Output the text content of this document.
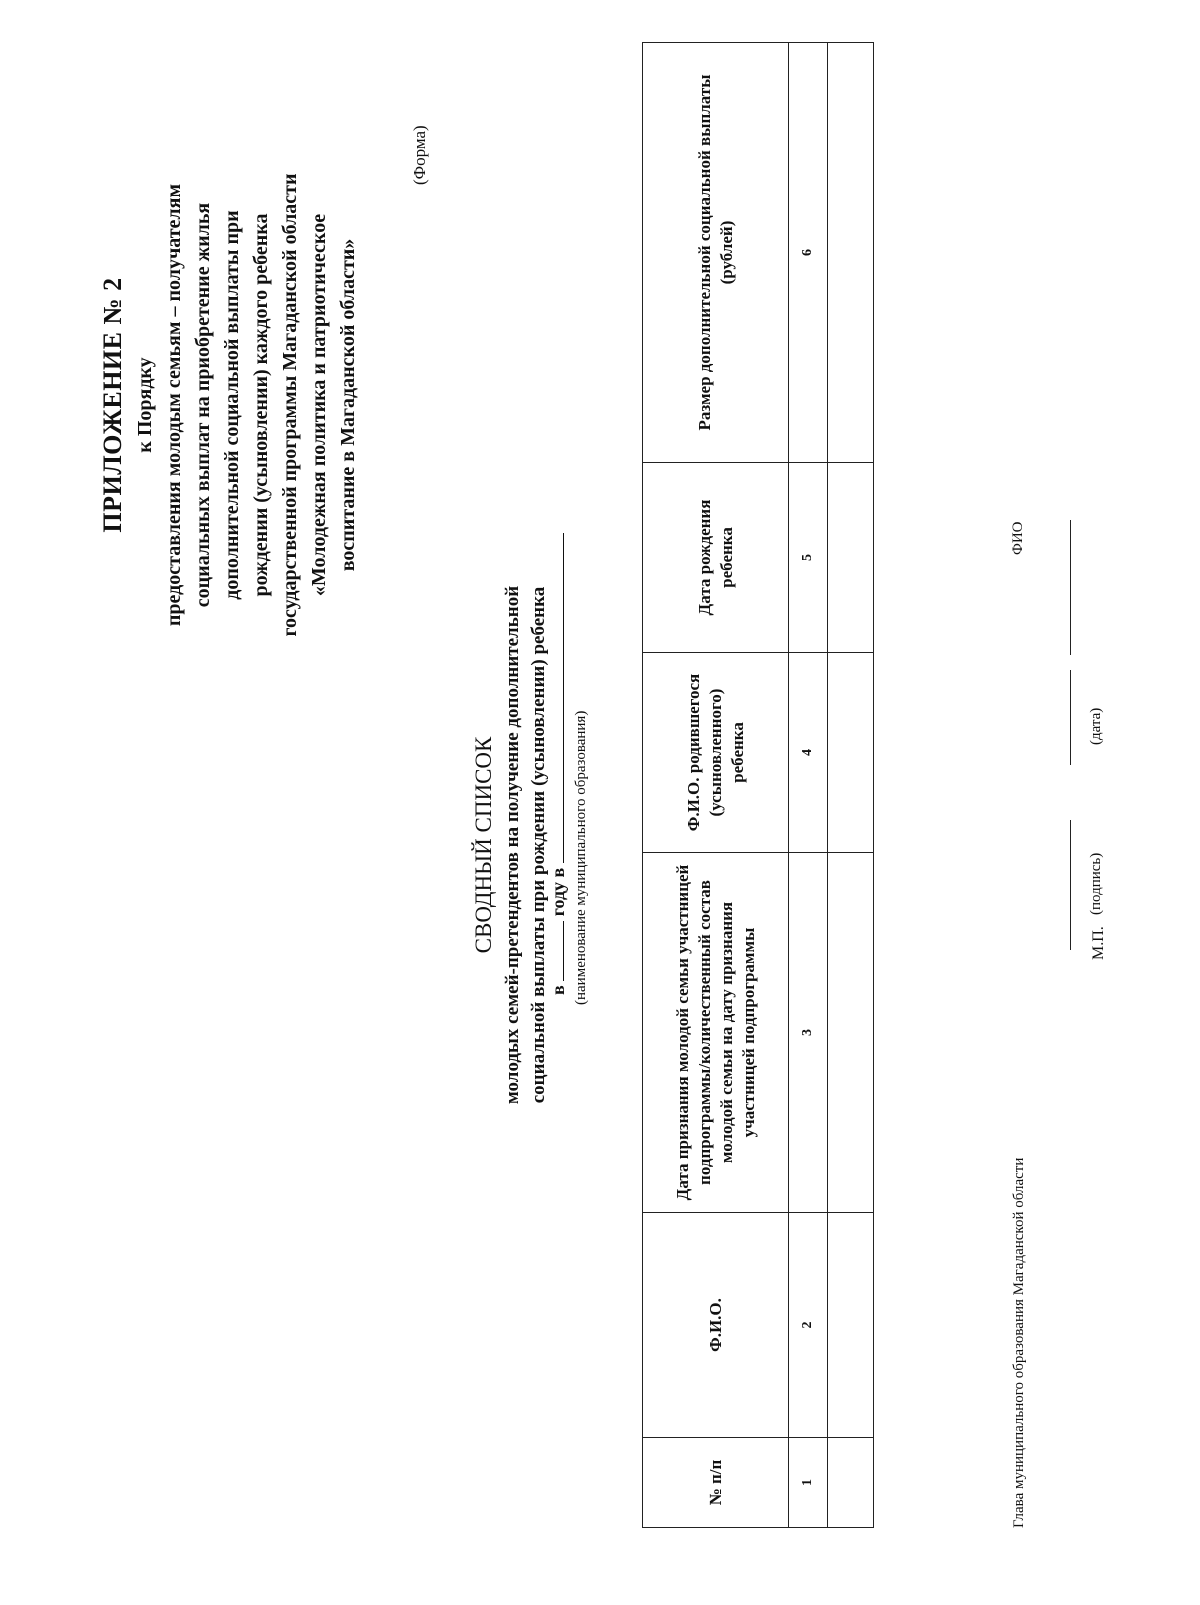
ПРИЛОЖЕНИЕ № 2 к Порядку предоставления молодым семьям – получателям социальных выплат на приобретение жилья дополнительной социальной выплаты при рождении (усыновлении) каждого ребенка государственной программы Магаданской области «Молодежная политика и патриотическое воспитание в Магаданской области»
(Форма)
СВОДНЫЙ СПИСОК молодых семей-претендентов на получение дополнительной социальной выплаты при рождении (усыновлении) ребенка в  году в (наименование муниципального образования)
№ п/п	Ф.И.О.	Дата признания молодой семьи участницей подпрограммы/количественный состав молодой семьи на дату признания участницей подпрограммы	Ф.И.О. родившегося (усыновленного) ребенка	Дата рождения ребенка	Размер дополнительной социальной выплаты (рублей)
1	2	3	4	5	6

Глава муниципального образования Магаданской области
ФИО
М.П.
(подпись)
(дата)
